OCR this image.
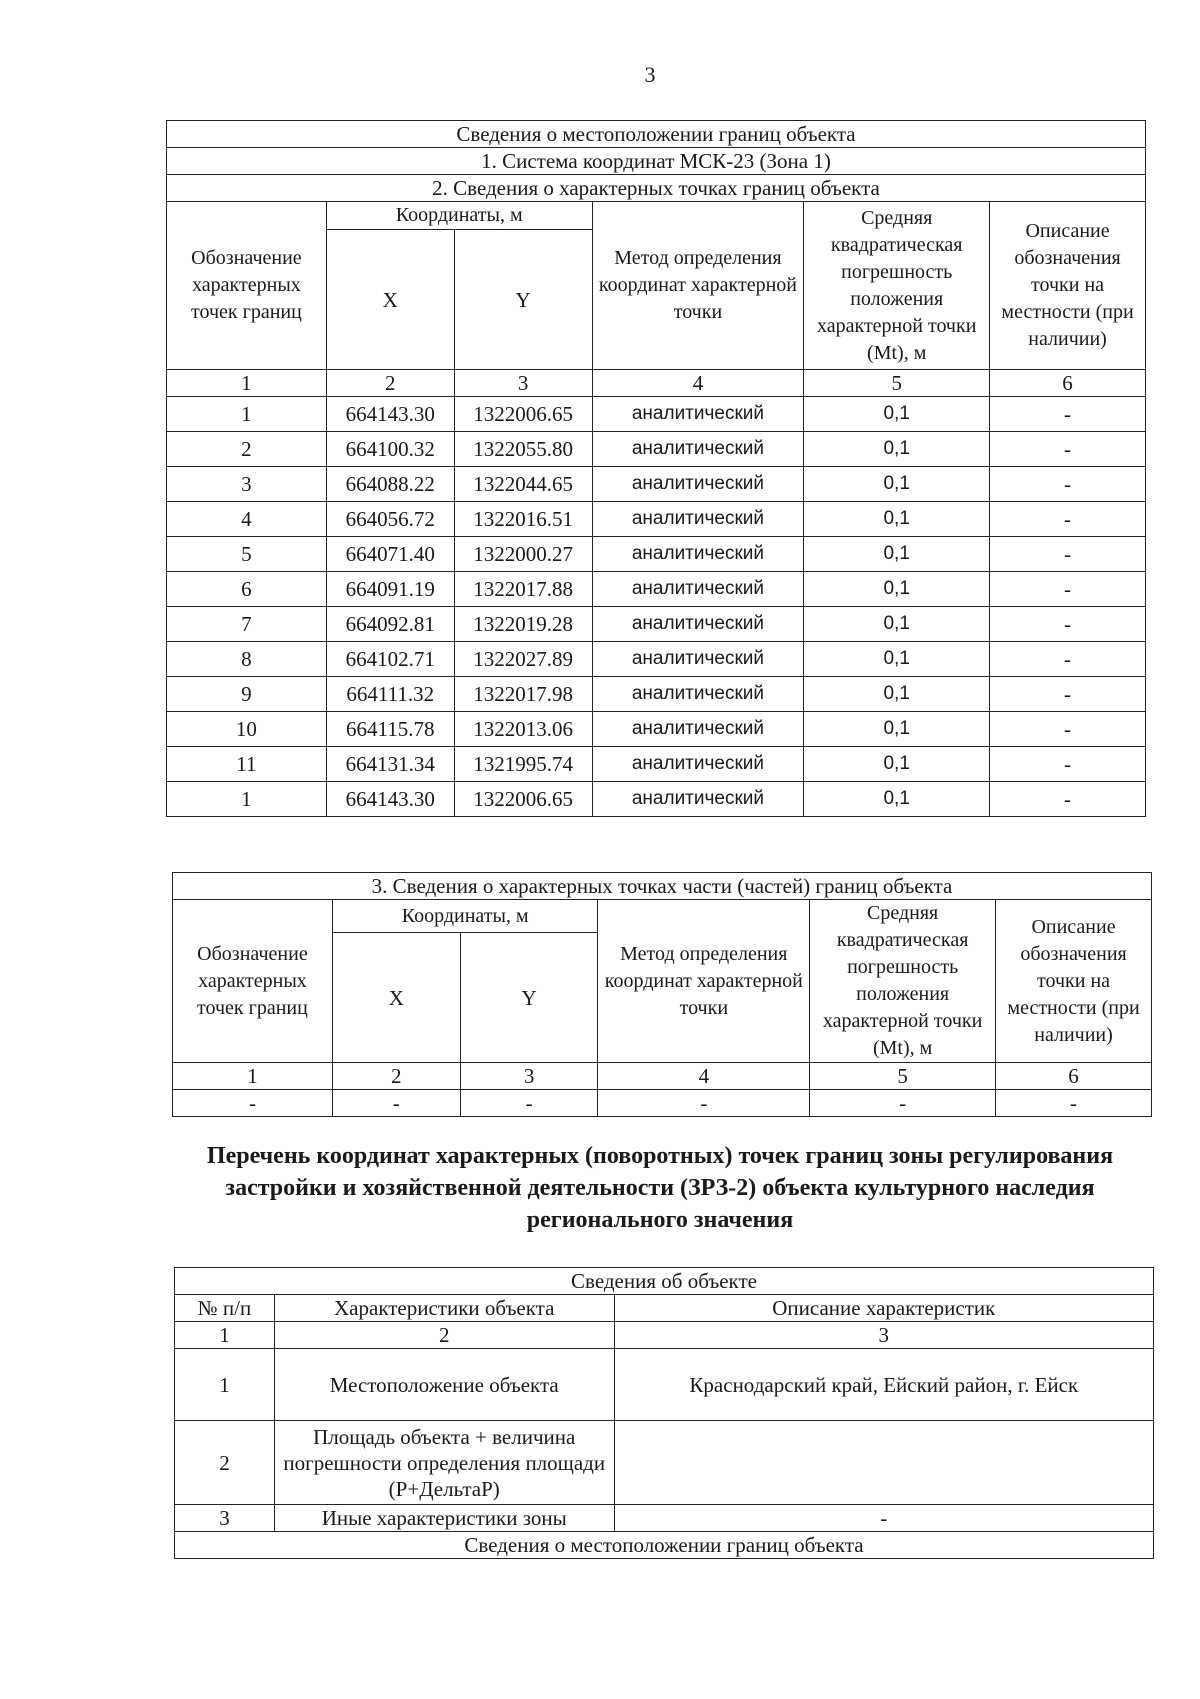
3
Сведения о местоположении границ объекта					
1. Система координат МСК-23 (Зона 1)					
2. Сведения о характерных точках границ объекта					
Обозначение характерных точек границ	Координаты, м		Метод определения координат характерной точки	Средняя квадратическая погрешность положения характерной точки (Mt), м	Описание обозначения точки на местности (при наличии)
	X	Y			
1	2	3	4	5	6
1	664143.30	1322006.65	аналитический	0,1	-
2	664100.32	1322055.80	аналитический	0,1	-
3	664088.22	1322044.65	аналитический	0,1	-
4	664056.72	1322016.51	аналитический	0,1	-
5	664071.40	1322000.27	аналитический	0,1	-
6	664091.19	1322017.88	аналитический	0,1	-
7	664092.81	1322019.28	аналитический	0,1	-
8	664102.71	1322027.89	аналитический	0,1	-
9	664111.32	1322017.98	аналитический	0,1	-
10	664115.78	1322013.06	аналитический	0,1	-
11	664131.34	1321995.74	аналитический	0,1	-
1	664143.30	1322006.65	аналитический	0,1	-
3. Сведения о характерных точках части (частей) границ объекта					
Обозначение характерных точек границ	Координаты, м		Метод определения координат характерной точки	Средняя квадратическая погрешность положения характерной точки (Mt), м	Описание обозначения точки на местности (при наличии)
	X	Y			
1	2	3	4	5	6
-	-	-	-	-	-
Перечень координат характерных (поворотных) точек границ зоны регулирования застройки и хозяйственной деятельности (ЗРЗ-2) объекта культурного наследия регионального значения
Сведения об объекте		
№ п/п	Характеристики объекта	Описание характеристик
1	2	3
1	Местоположение объекта	Краснодарский край, Ейский район, г. Ейск
2	Площадь объекта + величина погрешности определения площади (Р+ДельтаР)	
3	Иные характеристики зоны	-
Сведения о местоположении границ объекта		
